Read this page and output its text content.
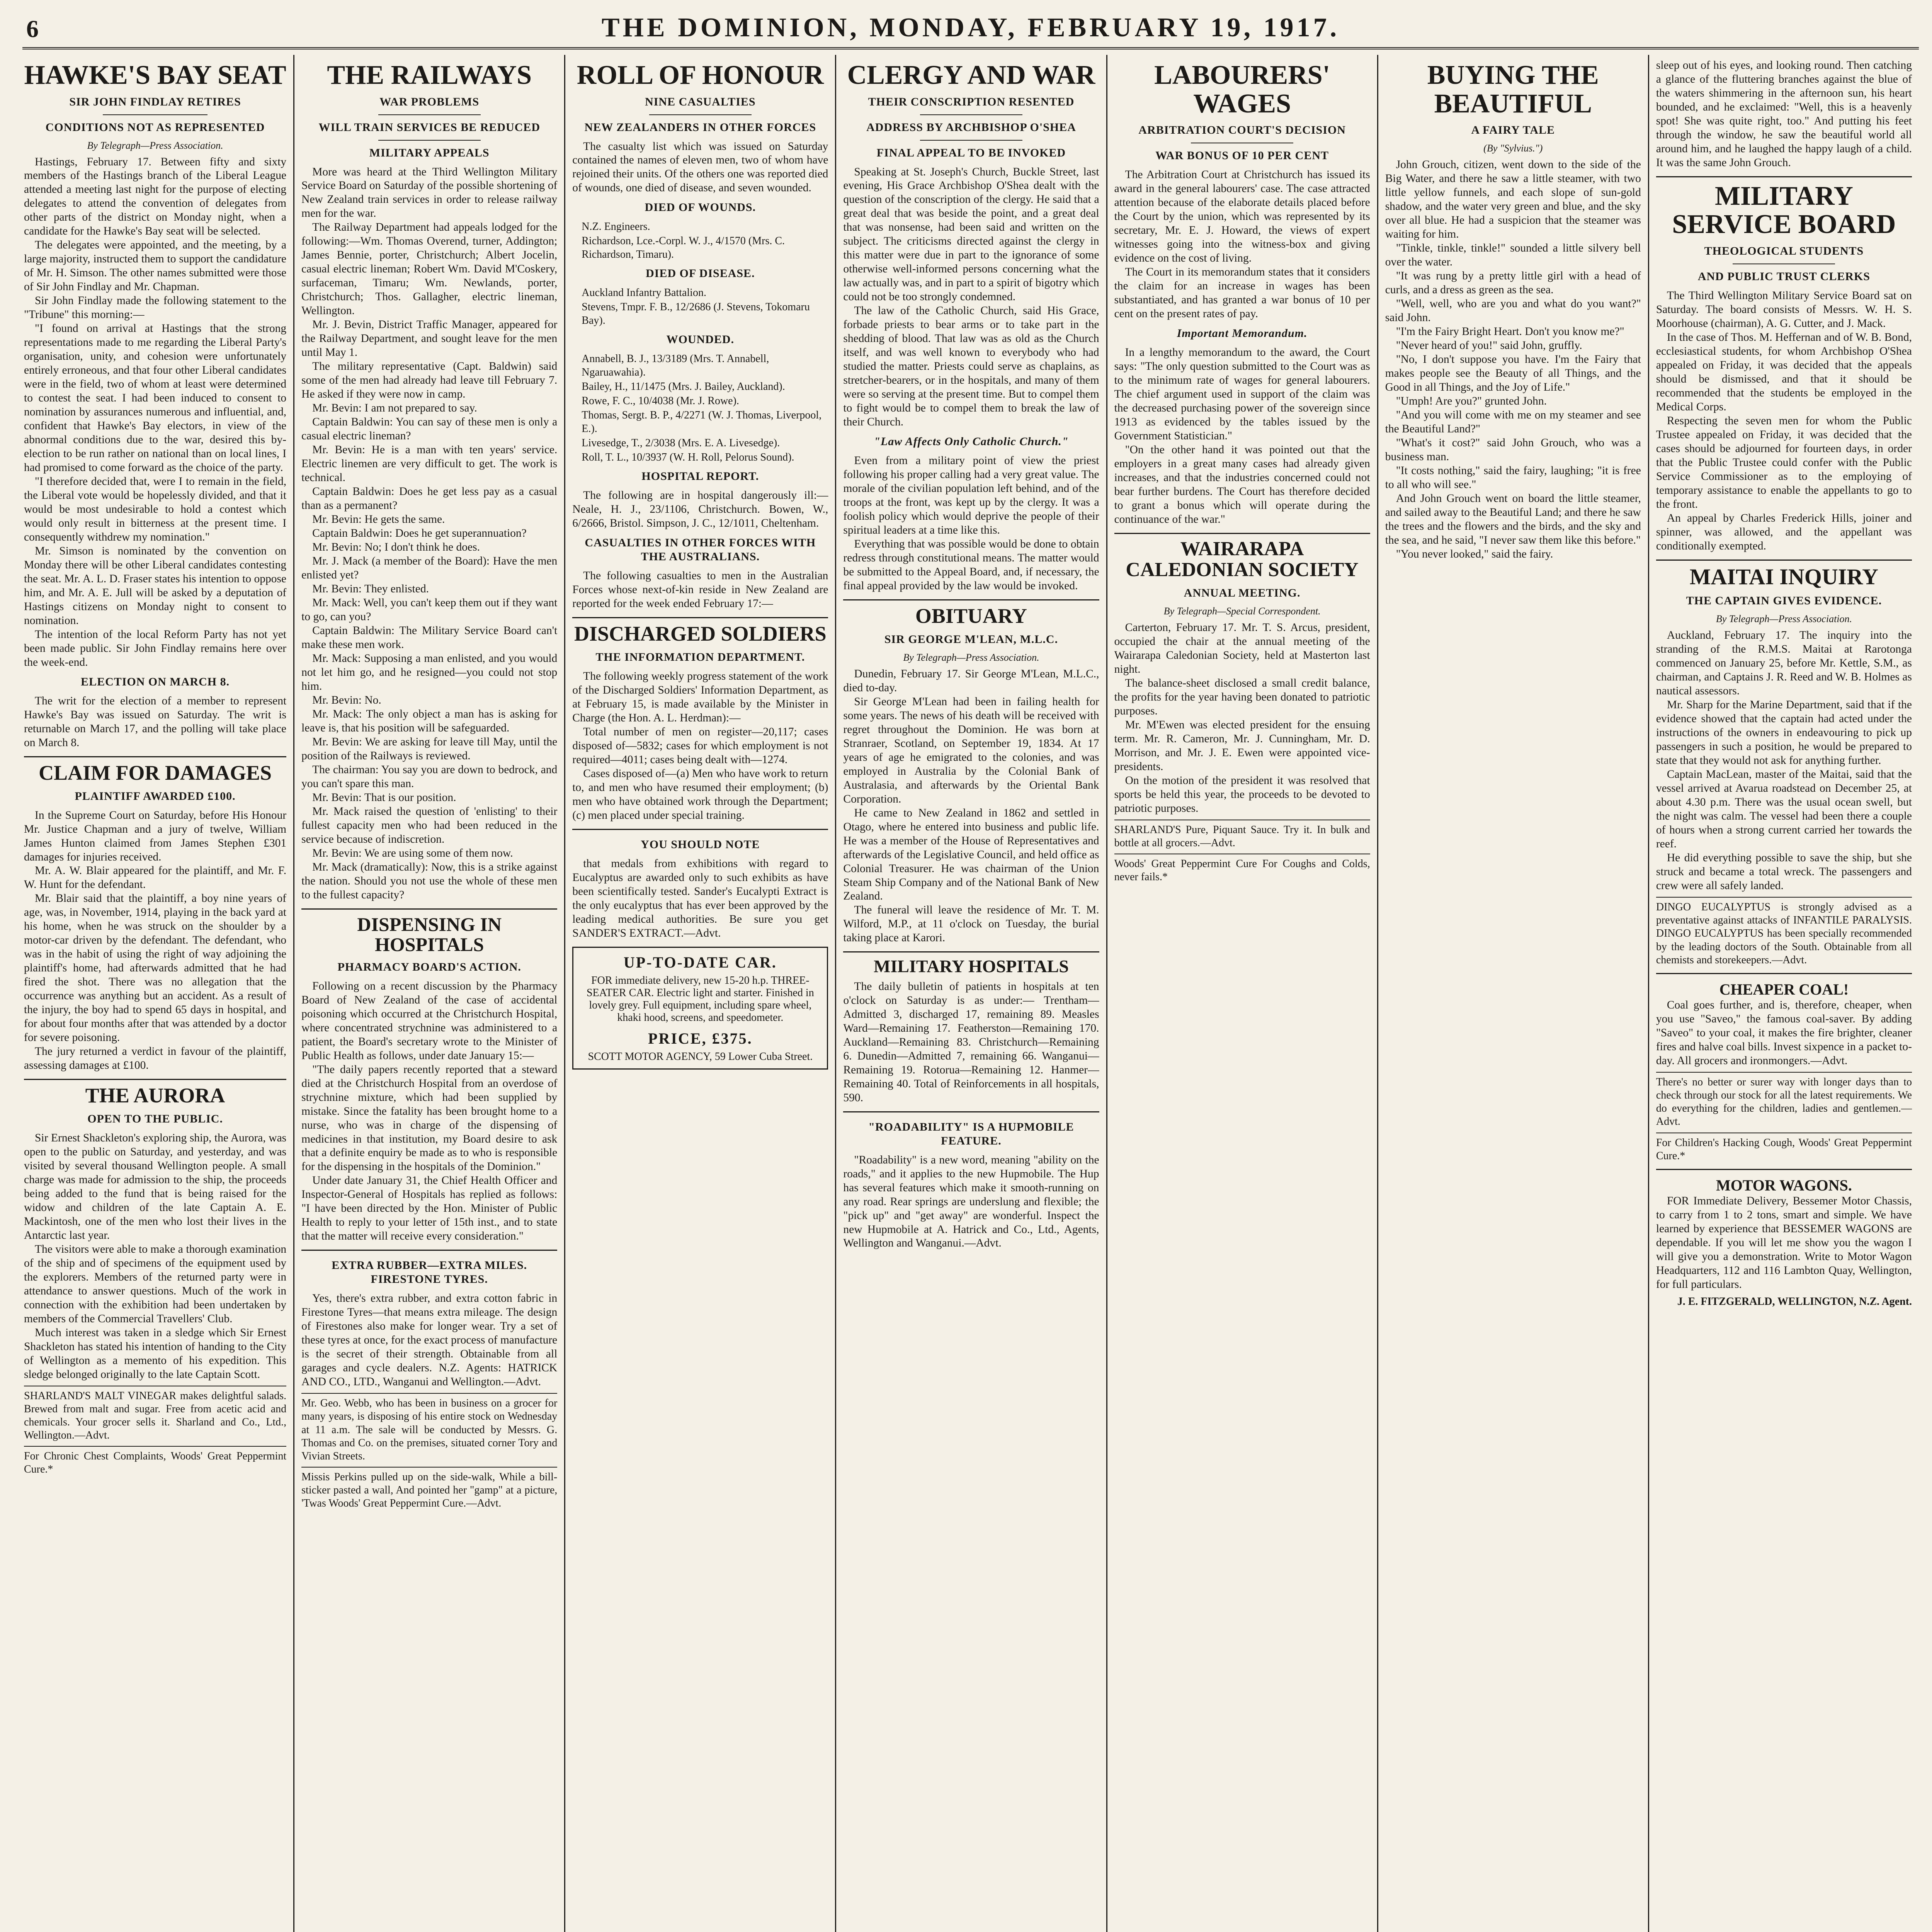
6	THE DOMINION, MONDAY, FEBRUARY 19, 1917.
HAWKE'S BAY SEAT
SIR JOHN FINDLAY RETIRES
CONDITIONS NOT AS REPRESENTED
By Telegraph—Press Association.

Hastings, February 17. Between fifty and sixty members of the Hastings branch of the Liberal League attended a meeting last night for the purpose of electing delegates to attend the convention of delegates from other parts of the district on Monday night, when a candidate for the Hawke's Bay seat will be selected.

The delegates were appointed, and the meeting, by a large majority, instructed them to support the candidature of Mr. H. Simson. The other names submitted were those of Sir John Findlay and Mr. Chapman.

Sir John Findlay made the following statement to the "Tribune" this morning:—

"I found on arrival at Hastings that the strong representations made to me regarding the Liberal Party's organisation, unity, and cohesion were unfortunately entirely erroneous, and that four other Liberal candidates were in the field, two of whom at least were determined to contest the seat. I had been induced to consent to nomination by assurances numerous and influential, and, confident that Hawke's Bay electors, in view of the abnormal conditions due to the war, desired this by-election to be run rather on national than on local lines, I had promised to come forward as the choice of the party.

"I therefore decided that, were I to remain in the field, the Liberal vote would be hopelessly divided, and that it would be most undesirable to hold a contest which would only result in bitterness at the present time. I consequently withdrew my nomination."

Mr. Simson is nominated by the convention on Monday there will be other Liberal candidates contesting the seat. Mr. A. L. D. Fraser states his intention to oppose him, and Mr. A. E. Jull will be asked by a deputation of Hastings citizens on Monday night to consent to nomination.

The intention of the local Reform Party has not yet been made public. Sir John Findlay remains here over the week-end.

ELECTION ON MARCH 8.

The writ for the election of a member to represent Hawke's Bay was issued on Saturday. The writ is returnable on March 17, and the polling will take place on March 8.

CLAIM FOR DAMAGES
PLAINTIFF AWARDED £100.

In the Supreme Court on Saturday, before His Honour Mr. Justice Chapman and a jury of twelve, William James Hunton claimed from James Stephen £301 damages for injuries received.

Mr. A. W. Blair appeared for the plaintiff, and Mr. F. W. Hunt for the defendant.

Mr. Blair said that the plaintiff, a boy nine years of age, was, in November, 1914, playing in the back yard at his home, when he was struck on the shoulder by a motor-car driven by the defendant. The defendant, who was in the habit of using the right of way adjoining the plaintiff's home, had afterwards admitted that he had fired the shot. There was no allegation that the occurrence was anything but an accident. As a result of the injury, the boy had to spend 65 days in hospital, and for about four months after that was attended by a doctor for severe poisoning.

The jury returned a verdict in favour of the plaintiff, assessing damages at £100.

THE AURORA
OPEN TO THE PUBLIC.

Sir Ernest Shackleton's exploring ship, the Aurora, was open to the public on Saturday, and yesterday, and was visited by several thousand Wellington people. A small charge was made for admission to the ship, the proceeds being added to the fund that is being raised for the widow and children of the late Captain A. E. Mackintosh, one of the men who lost their lives in the Antarctic last year.

The visitors were able to make a thorough examination of the ship and of specimens of the equipment used by the explorers. Members of the returned party were in attendance to answer questions. Much of the work in connection with the exhibition had been undertaken by members of the Commercial Travellers' Club.

Much interest was taken in a sledge which Sir Ernest Shackleton has stated his intention of handing to the City of Wellington as a memento of his expedition. This sledge belonged originally to the late Captain Scott.

SHARLAND'S MALT VINEGAR makes delightful salads. Brewed from malt and sugar. Free from acetic acid and chemicals. Your grocer sells it. Sharland and Co., Ltd., Wellington.—Advt.
For Chronic Chest Complaints, Woods' Great Peppermint Cure.*
THE RAILWAYS
WAR PROBLEMS
WILL TRAIN SERVICES BE REDUCED
MILITARY APPEALS

More was heard at the Third Wellington Military Service Board on Saturday of the possible shortening of New Zealand train services in order to release railway men for the war.

The Railway Department had appeals lodged for the following:—Wm. Thomas Overend, turner, Addington; James Bennie, porter, Christchurch; Albert Jocelin, casual electric lineman; Robert Wm. David M'Coskery, surfaceman, Timaru; Wm. Newlands, porter, Christchurch; Thos. Gallagher, electric lineman, Wellington.

Mr. J. Bevin, District Traffic Manager, appeared for the Railway Department, and sought leave for the men until May 1.

The military representative (Capt. Baldwin) said some of the men had already had leave till February 7. He asked if they were now in camp.

Mr. Bevin: I am not prepared to say.

Captain Baldwin: You can say of these men is only a casual electric lineman?

Mr. Bevin: He is a man with ten years' service. Electric linemen are very difficult to get. The work is technical.

Captain Baldwin: Does he get less pay as a casual than as a permanent?

Mr. Bevin: He gets the same.

Captain Baldwin: Does he get superannuation?

Mr. Bevin: No; I don't think he does.

Mr. J. Mack (a member of the Board): Have the men enlisted yet?

Mr. Bevin: They enlisted.

Mr. Mack: Well, you can't keep them out if they want to go, can you?

Captain Baldwin: The Military Service Board can't make these men work.

Mr. Mack: Supposing a man enlisted, and you would not let him go, and he resigned—you could not stop him.

Mr. Bevin: No.

Mr. Mack: The only object a man has is asking for leave is, that his position will be safeguarded.

Mr. Bevin: We are asking for leave till May, until the position of the Railways is reviewed.

The chairman: You say you are down to bedrock, and you can't spare this man.

Mr. Bevin: That is our position.

Mr. Mack raised the question of 'enlisting' to their fullest capacity men who had been reduced in the service because of indiscretion.

Mr. Bevin: We are using some of them now.

Mr. Mack (dramatically): Now, this is a strike against the nation. Should you not use the whole of these men to the fullest capacity?

DISPENSING IN HOSPITALS
PHARMACY BOARD'S ACTION.

Following on a recent discussion by the Pharmacy Board of New Zealand of the case of accidental poisoning which occurred at the Christchurch Hospital, where concentrated strychnine was administered to a patient, the Board's secretary wrote to the Minister of Public Health as follows, under date January 15:—

"The daily papers recently reported that a steward died at the Christchurch Hospital from an overdose of strychnine mixture, which had been supplied by mistake. Since the fatality has been brought home to a nurse, who was in charge of the dispensing of medicines in that institution, my Board desire to ask that a definite enquiry be made as to who is responsible for the dispensing in the hospitals of the Dominion."

Under date January 31, the Chief Health Officer and Inspector-General of Hospitals has replied as follows: "I have been directed by the Hon. Minister of Public Health to reply to your letter of 15th inst., and to state that the matter will receive every consideration."

EXTRA RUBBER—EXTRA MILES. FIRESTONE TYRES.

Yes, there's extra rubber, and extra cotton fabric in Firestone Tyres—that means extra mileage. The design of Firestones also make for longer wear. Try a set of these tyres at once, for the exact process of manufacture is the secret of their strength. Obtainable from all garages and cycle dealers. N.Z. Agents: HATRICK AND CO., LTD., Wanganui and Wellington.—Advt.

Mr. Geo. Webb, who has been in business on a grocer for many years, is disposing of his entire stock on Wednesday at 11 a.m. The sale will be conducted by Messrs. G. Thomas and Co. on the premises, situated corner Tory and Vivian Streets.
Missis Perkins pulled up on the side-walk, While a bill-sticker pasted a wall, And pointed her "gamp" at a picture, 'Twas Woods' Great Peppermint Cure.—Advt.
ROLL OF HONOUR
NINE CASUALTIES
NEW ZEALANDERS IN OTHER FORCES

The casualty list which was issued on Saturday contained the names of eleven men, two of whom have rejoined their units. Of the others one was reported died of wounds, one died of disease, and seven wounded.

DIED OF WOUNDS.
N.Z. Engineers.
Richardson, Lce.-Corpl. W. J., 4/1570 (Mrs. C. Richardson, Timaru).
DIED OF DISEASE.
Auckland Infantry Battalion.
Stevens, Tmpr. F. B., 12/2686 (J. Stevens, Tokomaru Bay).
WOUNDED.
Annabell, B. J., 13/3189 (Mrs. T. Annabell, Ngaruawahia).
Bailey, H., 11/1475 (Mrs. J. Bailey, Auckland).
Rowe, F. C., 10/4038 (Mr. J. Rowe).
Thomas, Sergt. B. P., 4/2271 (W. J. Thomas, Liverpool, E.).
Livesedge, T., 2/3038 (Mrs. E. A. Livesedge).
Roll, T. L., 10/3937 (W. H. Roll, Pelorus Sound).
HOSPITAL REPORT.

The following are in hospital dangerously ill:—Neale, H. J., 23/1106, Christchurch. Bowen, W., 6/2666, Bristol. Simpson, J. C., 12/1011, Cheltenham.

CASUALTIES IN OTHER FORCES WITH THE AUSTRALIANS.

The following casualties to men in the Australian Forces whose next-of-kin reside in New Zealand are reported for the week ended February 17:—

DISCHARGED SOLDIERS
THE INFORMATION DEPARTMENT.

The following weekly progress statement of the work of the Discharged Soldiers' Information Department, as at February 15, is made available by the Minister in Charge (the Hon. A. L. Herdman):—

Total number of men on register—20,117; cases disposed of—5832; cases for which employment is not required—4011; cases being dealt with—1274.

Cases disposed of—(a) Men who have work to return to, and men who have resumed their employment; (b) men who have obtained work through the Department; (c) men placed under special training.

YOU SHOULD NOTE

that medals from exhibitions with regard to Eucalyptus are awarded only to such exhibits as have been scientifically tested. Sander's Eucalypti Extract is the only eucalyptus that has ever been approved by the leading medical authorities. Be sure you get SANDER'S EXTRACT.—Advt.

UP-TO-DATE CAR.
FOR immediate delivery, new 15-20 h.p. THREE-SEATER CAR. Electric light and starter. Finished in lovely grey. Full equipment, including spare wheel, khaki hood, screens, and speedometer.
PRICE, £375.
SCOTT MOTOR AGENCY, 59 Lower Cuba Street.
CLERGY AND WAR
THEIR CONSCRIPTION RESENTED
ADDRESS BY ARCHBISHOP O'SHEA
FINAL APPEAL TO BE INVOKED

Speaking at St. Joseph's Church, Buckle Street, last evening, His Grace Archbishop O'Shea dealt with the question of the conscription of the clergy. He said that a great deal that was beside the point, and a great deal that was nonsense, had been said and written on the subject. The criticisms directed against the clergy in this matter were due in part to the ignorance of some otherwise well-informed persons concerning what the law actually was, and in part to a spirit of bigotry which could not be too strongly condemned.

The law of the Catholic Church, said His Grace, forbade priests to bear arms or to take part in the shedding of blood. That law was as old as the Church itself, and was well known to everybody who had studied the matter. Priests could serve as chaplains, as stretcher-bearers, or in the hospitals, and many of them were so serving at the present time. But to compel them to fight would be to compel them to break the law of their Church.

"Law Affects Only Catholic Church."

Even from a military point of view the priest following his proper calling had a very great value. The morale of the civilian population left behind, and of the troops at the front, was kept up by the clergy. It was a foolish policy which would deprive the people of their spiritual leaders at a time like this.

Everything that was possible would be done to obtain redress through constitutional means. The matter would be submitted to the Appeal Board, and, if necessary, the final appeal provided by the law would be invoked.

OBITUARY
SIR GEORGE M'LEAN, M.L.C.
By Telegraph—Press Association.

Dunedin, February 17. Sir George M'Lean, M.L.C., died to-day.

Sir George M'Lean had been in failing health for some years. The news of his death will be received with regret throughout the Dominion. He was born at Stranraer, Scotland, on September 19, 1834. At 17 years of age he emigrated to the colonies, and was employed in Australia by the Colonial Bank of Australasia, and afterwards by the Oriental Bank Corporation.

He came to New Zealand in 1862 and settled in Otago, where he entered into business and public life. He was a member of the House of Representatives and afterwards of the Legislative Council, and held office as Colonial Treasurer. He was chairman of the Union Steam Ship Company and of the National Bank of New Zealand.

The funeral will leave the residence of Mr. T. M. Wilford, M.P., at 11 o'clock on Tuesday, the burial taking place at Karori.

MILITARY HOSPITALS

The daily bulletin of patients in hospitals at ten o'clock on Saturday is as under:— Trentham—Admitted 3, discharged 17, remaining 89. Measles Ward—Remaining 17. Featherston—Remaining 170. Auckland—Remaining 83. Christchurch—Remaining 6. Dunedin—Admitted 7, remaining 66. Wanganui—Remaining 19. Rotorua—Remaining 12. Hanmer—Remaining 40. Total of Reinforcements in all hospitals, 590.

"ROADABILITY" IS A HUPMOBILE FEATURE.

"Roadability" is a new word, meaning "ability on the roads," and it applies to the new Hupmobile. The Hup has several features which make it smooth-running on any road. Rear springs are underslung and flexible; the "pick up" and "get away" are wonderful. Inspect the new Hupmobile at A. Hatrick and Co., Ltd., Agents, Wellington and Wanganui.—Advt.

LABOURERS' WAGES
ARBITRATION COURT'S DECISION
WAR BONUS OF 10 PER CENT

The Arbitration Court at Christchurch has issued its award in the general labourers' case. The case attracted attention because of the elaborate details placed before the Court by the union, which was represented by its secretary, Mr. E. J. Howard, the views of expert witnesses going into the witness-box and giving evidence on the cost of living.

The Court in its memorandum states that it considers the claim for an increase in wages has been substantiated, and has granted a war bonus of 10 per cent on the present rates of pay.

Important Memorandum.

In a lengthy memorandum to the award, the Court says: "The only question submitted to the Court was as to the minimum rate of wages for general labourers. The chief argument used in support of the claim was the decreased purchasing power of the sovereign since 1913 as evidenced by the tables issued by the Government Statistician."

"On the other hand it was pointed out that the employers in a great many cases had already given increases, and that the industries concerned could not bear further burdens. The Court has therefore decided to grant a bonus which will operate during the continuance of the war."

WAIRARAPA CALEDONIAN SOCIETY
ANNUAL MEETING.
By Telegraph—Special Correspondent.

Carterton, February 17. Mr. T. S. Arcus, president, occupied the chair at the annual meeting of the Wairarapa Caledonian Society, held at Masterton last night.

The balance-sheet disclosed a small credit balance, the profits for the year having been donated to patriotic purposes.

Mr. M'Ewen was elected president for the ensuing term. Mr. R. Cameron, Mr. J. Cunningham, Mr. D. Morrison, and Mr. J. E. Ewen were appointed vice-presidents.

On the motion of the president it was resolved that sports be held this year, the proceeds to be devoted to patriotic purposes.

SHARLAND'S Pure, Piquant Sauce. Try it. In bulk and bottle at all grocers.—Advt.
Woods' Great Peppermint Cure For Coughs and Colds, never fails.*
BUYING THE BEAUTIFUL
A FAIRY TALE
(By "Sylvius.")

John Grouch, citizen, went down to the side of the Big Water, and there he saw a little steamer, with two little yellow funnels, and each slope of sun-gold shadow, and the water very green and blue, and the sky over all blue. He had a suspicion that the steamer was waiting for him.

"Tinkle, tinkle, tinkle!" sounded a little silvery bell over the water.

"It was rung by a pretty little girl with a head of curls, and a dress as green as the sea.

"Well, well, who are you and what do you want?" said John.

"I'm the Fairy Bright Heart. Don't you know me?"

"Never heard of you!" said John, gruffly.

"No, I don't suppose you have. I'm the Fairy that makes people see the Beauty of all Things, and the Good in all Things, and the Joy of Life."

"Umph! Are you?" grunted John.

"And you will come with me on my steamer and see the Beautiful Land?"

"What's it cost?" said John Grouch, who was a business man.

"It costs nothing," said the fairy, laughing; "it is free to all who will see."

And John Grouch went on board the little steamer, and sailed away to the Beautiful Land; and there he saw the trees and the flowers and the birds, and the sky and the sea, and he said, "I never saw them like this before."

"You never looked," said the fairy.

sleep out of his eyes, and looking round. Then catching a glance of the fluttering branches against the blue of the waters shimmering in the afternoon sun, his heart bounded, and he exclaimed: "Well, this is a heavenly spot! She was quite right, too." And putting his feet through the window, he saw the beautiful world all around him, and he laughed the happy laugh of a child. It was the same John Grouch.

MILITARY SERVICE BOARD
THEOLOGICAL STUDENTS
AND PUBLIC TRUST CLERKS

The Third Wellington Military Service Board sat on Saturday. The board consists of Messrs. W. H. S. Moorhouse (chairman), A. G. Cutter, and J. Mack.

In the case of Thos. M. Heffernan and of W. B. Bond, ecclesiastical students, for whom Archbishop O'Shea appealed on Friday, it was decided that the appeals should be dismissed, and that it should be recommended that the students be employed in the Medical Corps.

Respecting the seven men for whom the Public Trustee appealed on Friday, it was decided that the cases should be adjourned for fourteen days, in order that the Public Trustee could confer with the Public Service Commissioner as to the employing of temporary assistance to enable the appellants to go to the front.

An appeal by Charles Frederick Hills, joiner and spinner, was allowed, and the appellant was conditionally exempted.

MAITAI INQUIRY
THE CAPTAIN GIVES EVIDENCE.
By Telegraph—Press Association.

Auckland, February 17. The inquiry into the stranding of the R.M.S. Maitai at Rarotonga commenced on January 25, before Mr. Kettle, S.M., as chairman, and Captains J. R. Reed and W. B. Holmes as nautical assessors.

Mr. Sharp for the Marine Department, said that if the evidence showed that the captain had acted under the instructions of the owners in endeavouring to pick up passengers in such a position, he would be prepared to state that they would not ask for anything further.

Captain MacLean, master of the Maitai, said that the vessel arrived at Avarua roadstead on December 25, at about 4.30 p.m. There was the usual ocean swell, but the night was calm. The vessel had been there a couple of hours when a strong current carried her towards the reef.

He did everything possible to save the ship, but she struck and became a total wreck. The passengers and crew were all safely landed.

DINGO EUCALYPTUS is strongly advised as a preventative against attacks of INFANTILE PARALYSIS. DINGO EUCALYPTUS has been specially recommended by the leading doctors of the South. Obtainable from all chemists and storekeepers.—Advt.
CHEAPER COAL!

Coal goes further, and is, therefore, cheaper, when you use "Saveo," the famous coal-saver. By adding "Saveo" to your coal, it makes the fire brighter, cleaner fires and halve coal bills. Invest sixpence in a packet to-day. All grocers and ironmongers.—Advt.

There's no better or surer way with longer days than to check through our stock for all the latest requirements. We do everything for the children, ladies and gentlemen.—Advt.
For Children's Hacking Cough, Woods' Great Peppermint Cure.*
MOTOR WAGONS.

FOR Immediate Delivery, Bessemer Motor Chassis, to carry from 1 to 2 tons, smart and simple. We have learned by experience that BESSEMER WAGONS are dependable. If you will let me show you the wagon I will give you a demonstration. Write to Motor Wagon Headquarters, 112 and 116 Lambton Quay, Wellington, for full particulars.

J. E. FITZGERALD, WELLINGTON, N.Z. Agent.
